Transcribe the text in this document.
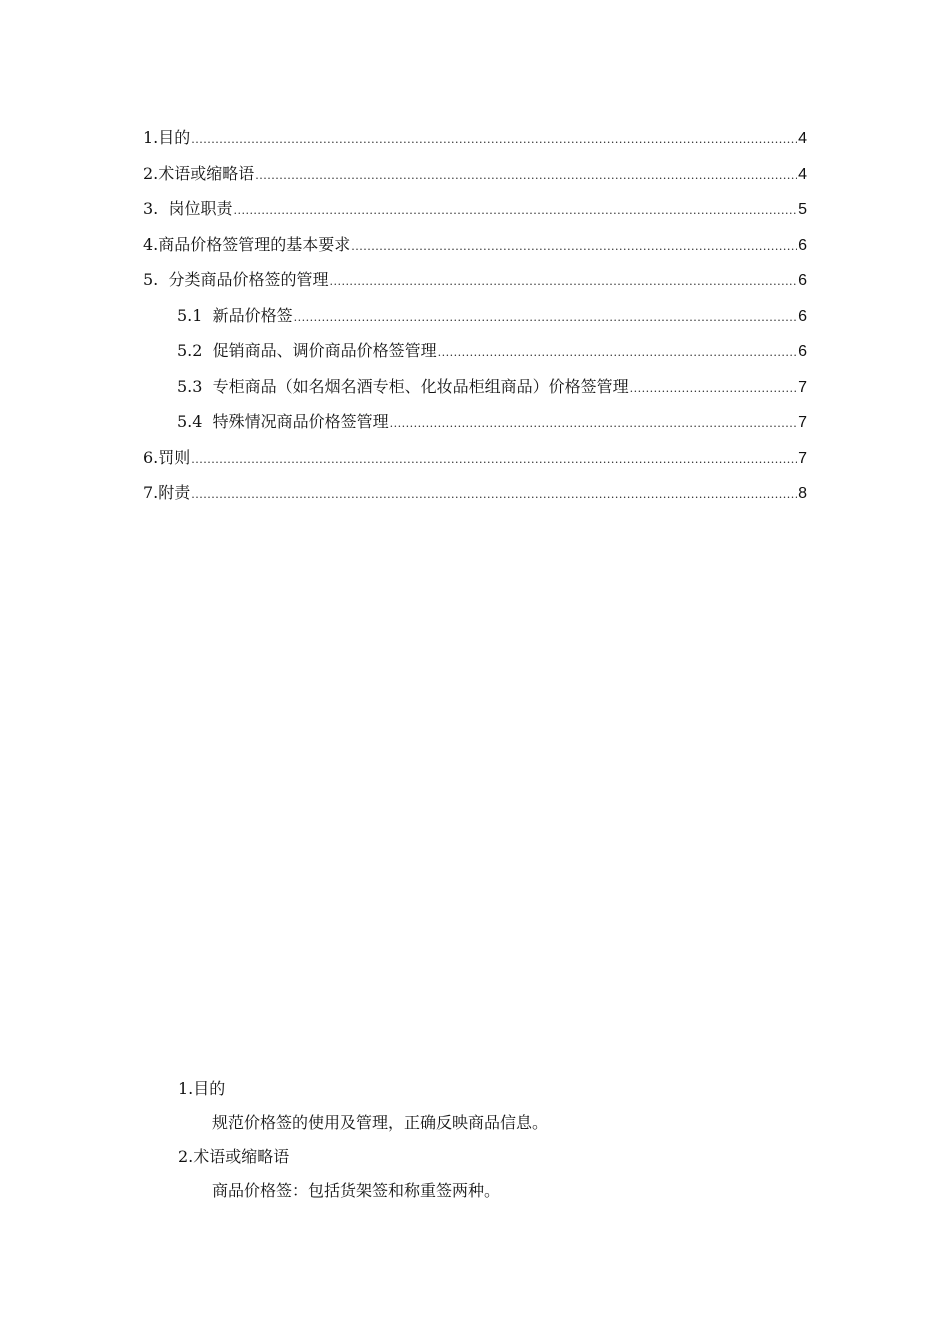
1.目的 .....	4
2.术语或缩略语 .....	4
3.  岗位职责 .....	5
4.商品价格签管理的基本要求 .....	6
5.  分类商品价格签的管理 .....	6
5.1  新品价格签 .....	6
5.2  促销商品、调价商品价格签管理 .....	6
5.3  专柜商品（如名烟名酒专柜、化妆品柜组商品）价格签管理 .....	7
5.4  特殊情况商品价格签管理 .....	7
6.罚则 .....	7
7.附责 .....	8
1.目的
规范价格签的使用及管理，正确反映商品信息。
2.术语或缩略语
商品价格签：包括货架签和称重签两种。
